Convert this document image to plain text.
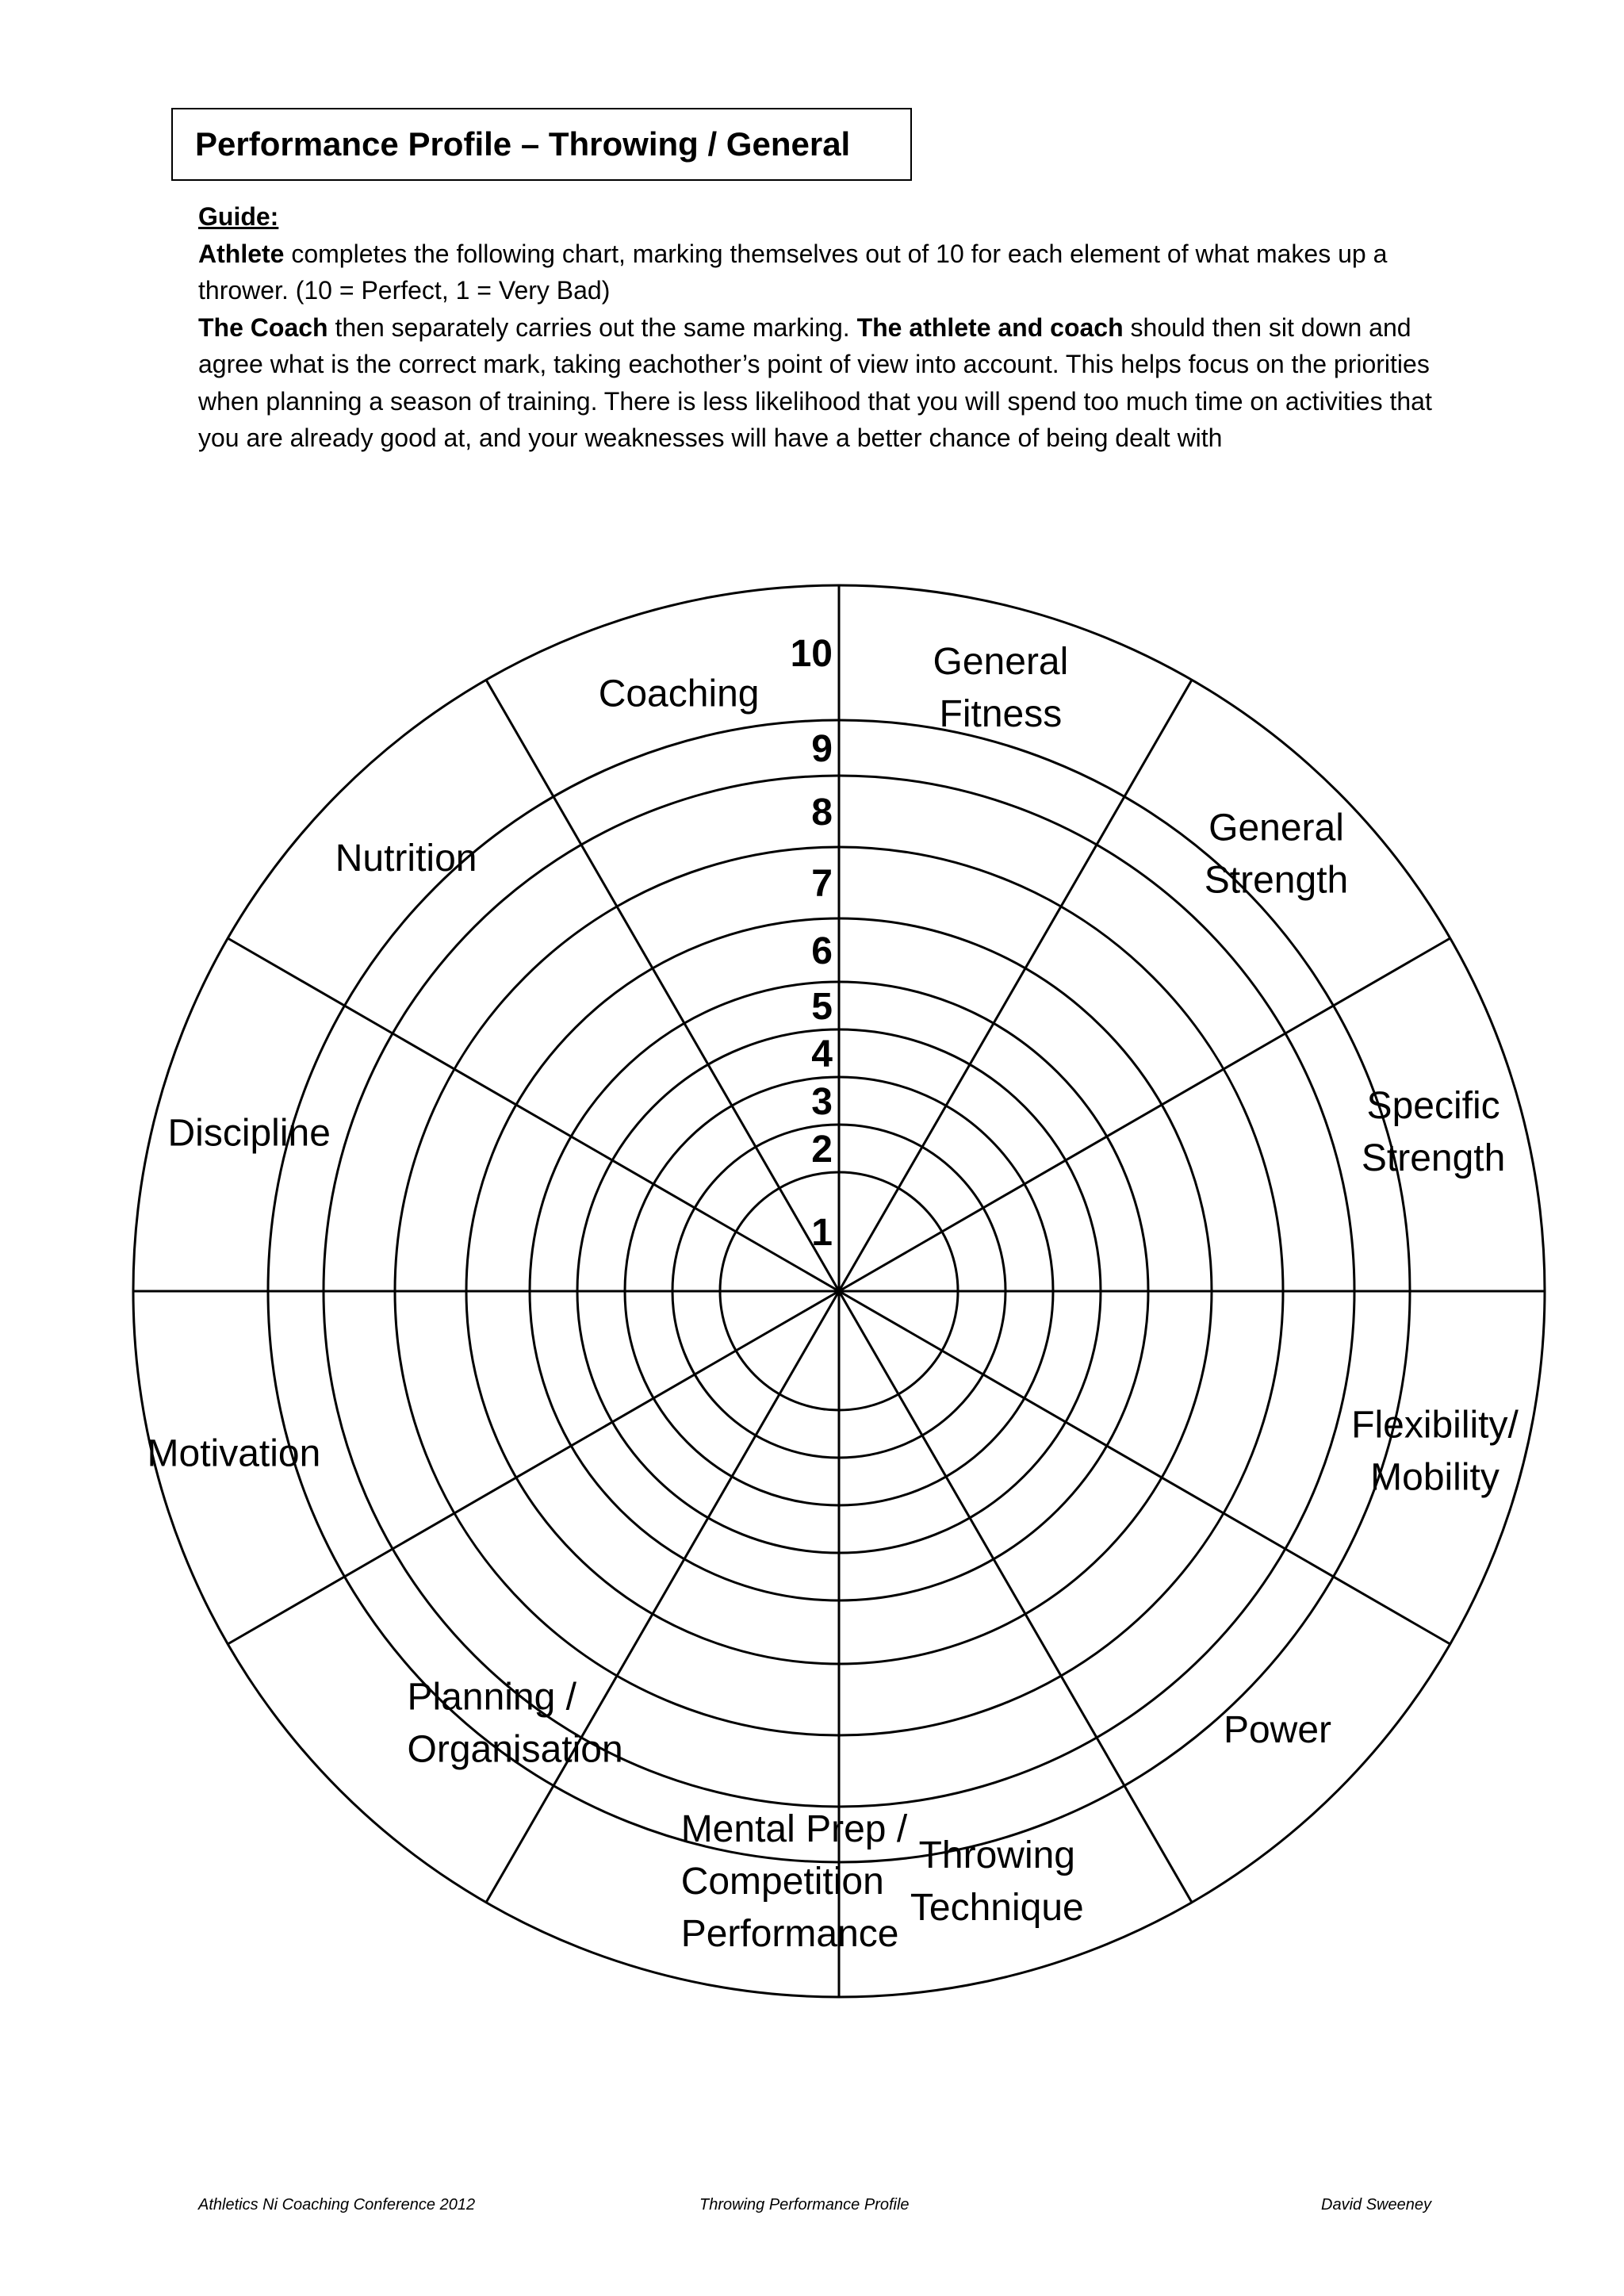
Performance Profile – Throwing / General

Guide:

Athlete completes the following chart, marking themselves out of 10 for each element of what makes up a thrower. (10 = Perfect, 1 = Very Bad)

The Coach then separately carries out the same marking. The athlete and coach should then sit down and agree what is the correct mark, taking eachother’s point of view into account. This helps focus on the priorities when planning a season of training. There is less likelihood that you will spend too much time on activities that you are already good at, and your weaknesses will have a better chance of being dealt with

1
2
3
4
5
6
7
8
9
10	General
Fitness
General
Strength
Specific
Strength
Flexibility/
Mobility
Power
Throwing
Technique
Mental Prep /
Competition
Performance
Planning /
Organisation
Motivation
Discipline
Nutrition
Coaching
Athletics Ni Coaching Conference 2012	Throwing Performance Profile	David Sweeney
